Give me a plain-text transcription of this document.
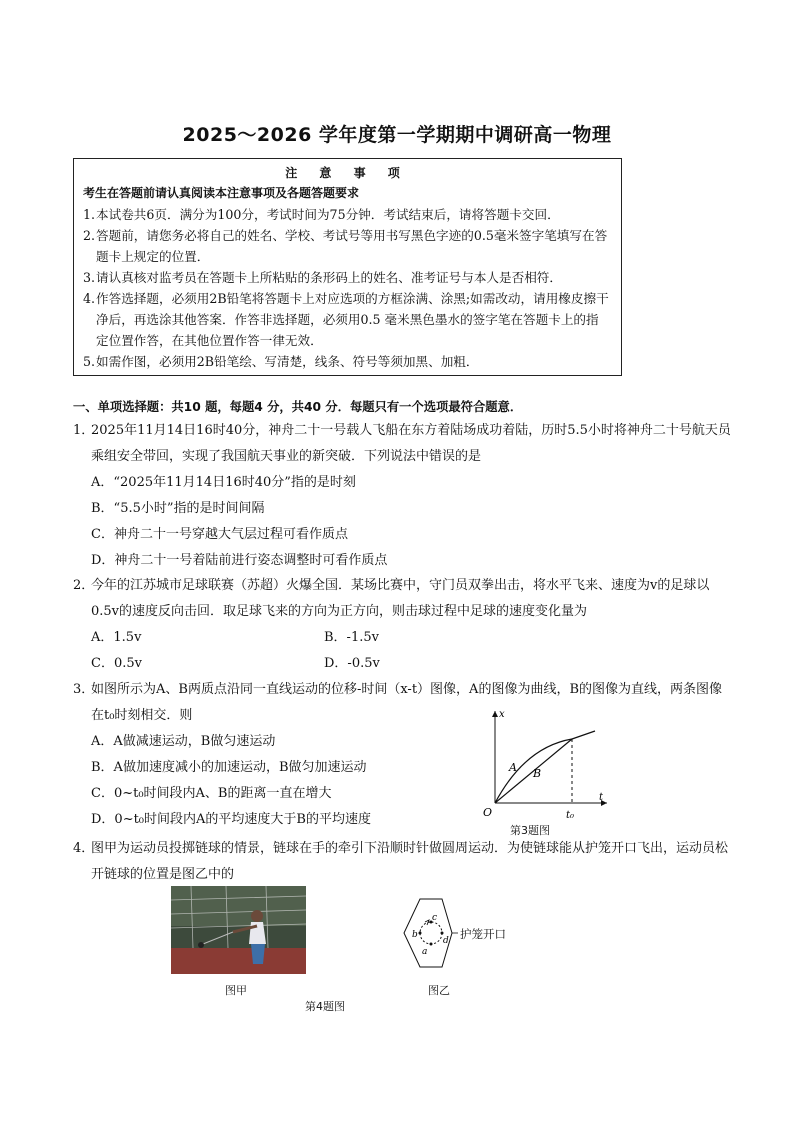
2025～2026 学年度第一学期期中调研高一物理
注 意 事 项
考生在答题前请认真阅读本注意事项及各题答题要求
1. 本试卷共6页．满分为100分，考试时间为75分钟．考试结束后，请将答题卡交回．
2. 答题前，请您务必将自己的姓名、学校、考试号等用书写黑色字迹的0.5毫米签字笔填写在答题卡上规定的位置．
3. 请认真核对监考员在答题卡上所粘贴的条形码上的姓名、准考证号与本人是否相符．
4. 作答选择题，必须用2B铅笔将答题卡上对应选项的方框涂满、涂黑;如需改动，请用橡皮擦干净后，再选涂其他答案．作答非选择题，必须用0.5 毫米黑色墨水的签字笔在答题卡上的指定位置作答，在其他位置作答一律无效．
5. 如需作图，必须用2B铅笔绘、写清楚，线条、符号等须加黑、加粗．
一、单项选择题：共10 题，每题4 分，共40 分．每题只有一个选项最符合题意．
1．
2025年11月14日16时40分，神舟二十一号载人飞船在东方着陆场成功着陆，历时5.5小时将神舟二十号航天员乘组安全带回，实现了我国航天事业的新突破．下列说法中错误的是
A．“2025年11月14日16时40分”指的是时刻
B．“5.5小时”指的是时间间隔
C．神舟二十一号穿越大气层过程可看作质点
D．神舟二十一号着陆前进行姿态调整时可看作质点
2．
今年的江苏城市足球联赛（苏超）火爆全国．某场比赛中，守门员双拳出击，将水平飞来、速度为v的足球以0.5v的速度反向击回．取足球飞来的方向为正方向，则击球过程中足球的速度变化量为
A．1.5v	B．-1.5v
C．0.5v	D．-0.5v
3．
如图所示为A、B两质点沿同一直线运动的位移-时间（x-t）图像，A的图像为曲线，B的图像为直线，两条图像在t₀时刻相交．则
A．A做减速运动，B做匀速运动
B．A做加速度减小的加速运动，B做匀加速运动
C．0~t₀时间段内A、B的距离一直在增大
D．0~t₀时间段内A的平均速度大于B的平均速度
x
t
O	t₀
A B
第3题图
4．
图甲为运动员投掷链球的情景，链球在手的牵引下沿顺时针做圆周运动．为使链球能从护笼开口飞出，运动员松开链球的位置是图乙中的
图甲
c
b
d
a
护笼开口
图乙
第4题图
